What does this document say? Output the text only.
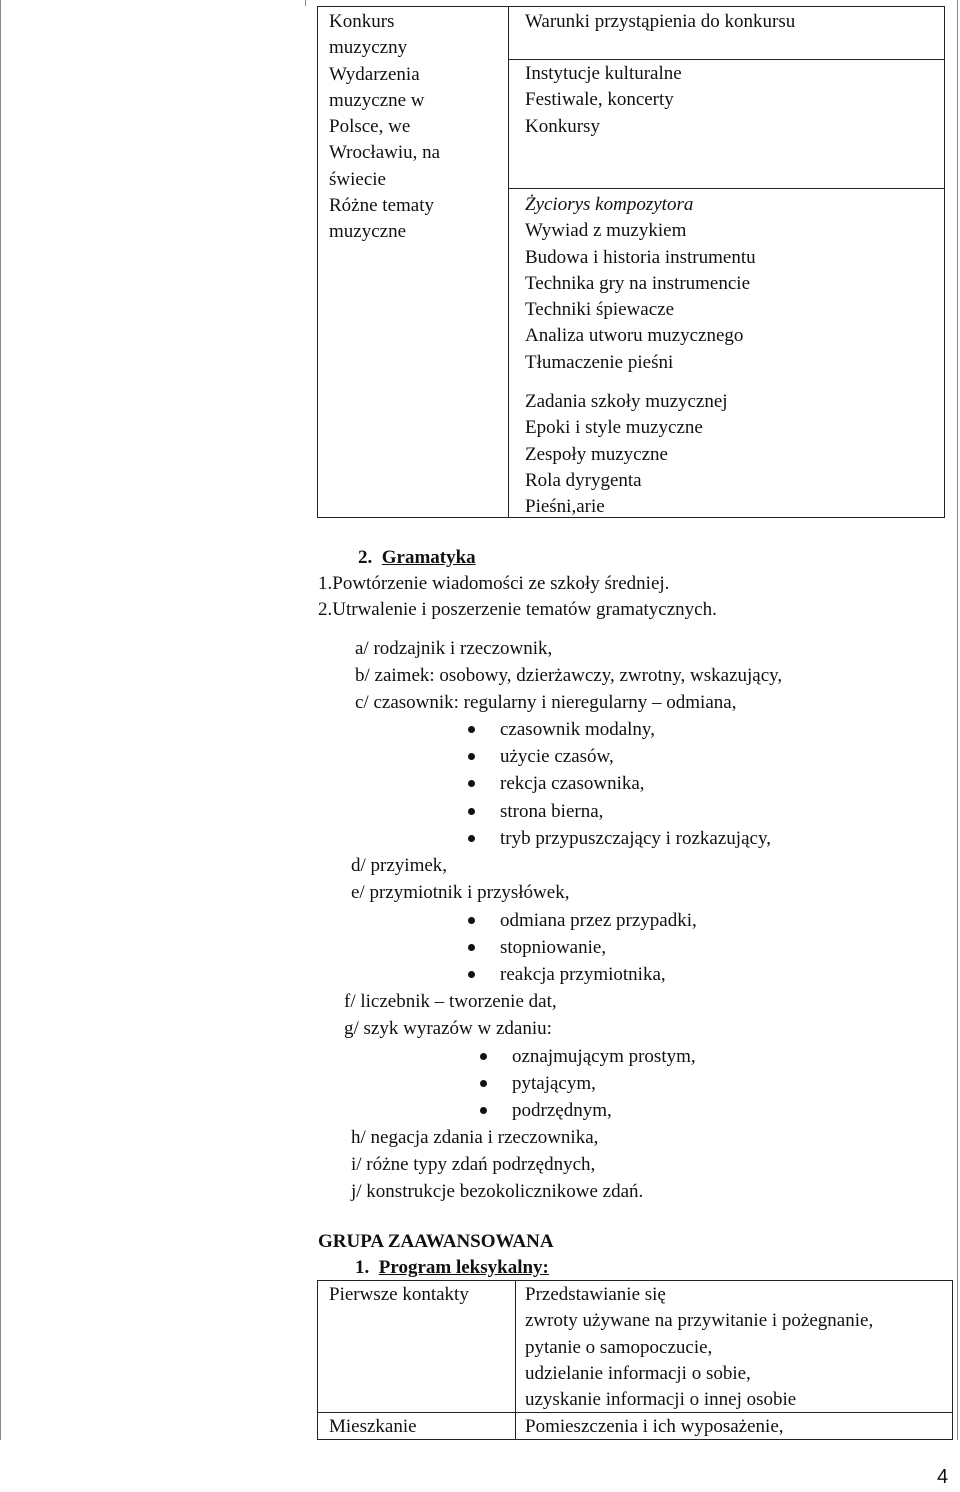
Konkurs
muzyczny
Wydarzenia
muzyczne w
Polsce, we
Wrocławiu, na
świecie
Różne tematy
muzyczne
Warunki przystąpienia do konkursu
Instytucje kulturalne
Festiwale, koncerty
Konkursy
Życiorys kompozytora
Wywiad z muzykiem
Budowa i historia instrumentu
Technika gry na instrumencie
Techniki śpiewacze
Analiza utworu muzycznego
Tłumaczenie pieśni
Zadania szkoły muzycznej
Epoki i style muzyczne
Zespoły muzyczne
Rola dyrygenta
Pieśni,arie
2. Gramatyka
1.Powtórzenie wiadomości ze szkoły średniej.
2.Utrwalenie i poszerzenie tematów gramatycznych.
a/ rodzajnik i rzeczownik,
b/ zaimek: osobowy, dzierżawczy, zwrotny, wskazujący,
c/ czasownik: regularny i nieregularny – odmiana,
czasownik modalny,
użycie czasów,
rekcja czasownika,
strona bierna,
tryb przypuszczający i rozkazujący,
d/ przyimek,
e/ przymiotnik i przysłówek,
odmiana przez przypadki,
stopniowanie,
reakcja przymiotnika,
f/ liczebnik – tworzenie dat,
g/ szyk wyrazów w zdaniu:
oznajmującym prostym,
pytającym,
podrzędnym,
h/ negacja zdania i rzeczownika,
i/ różne typy zdań podrzędnych,
j/ konstrukcje bezokolicznikowe zdań.
GRUPA ZAAWANSOWANA
1. Program leksykalny:
Pierwsze kontakty	Przedstawianie się
zwroty używane na przywitanie i pożegnanie,
pytanie o samopoczucie,
udzielanie informacji o sobie,
uzyskanie informacji o innej osobie
Mieszkanie	Pomieszczenia i ich wyposażenie,
4
